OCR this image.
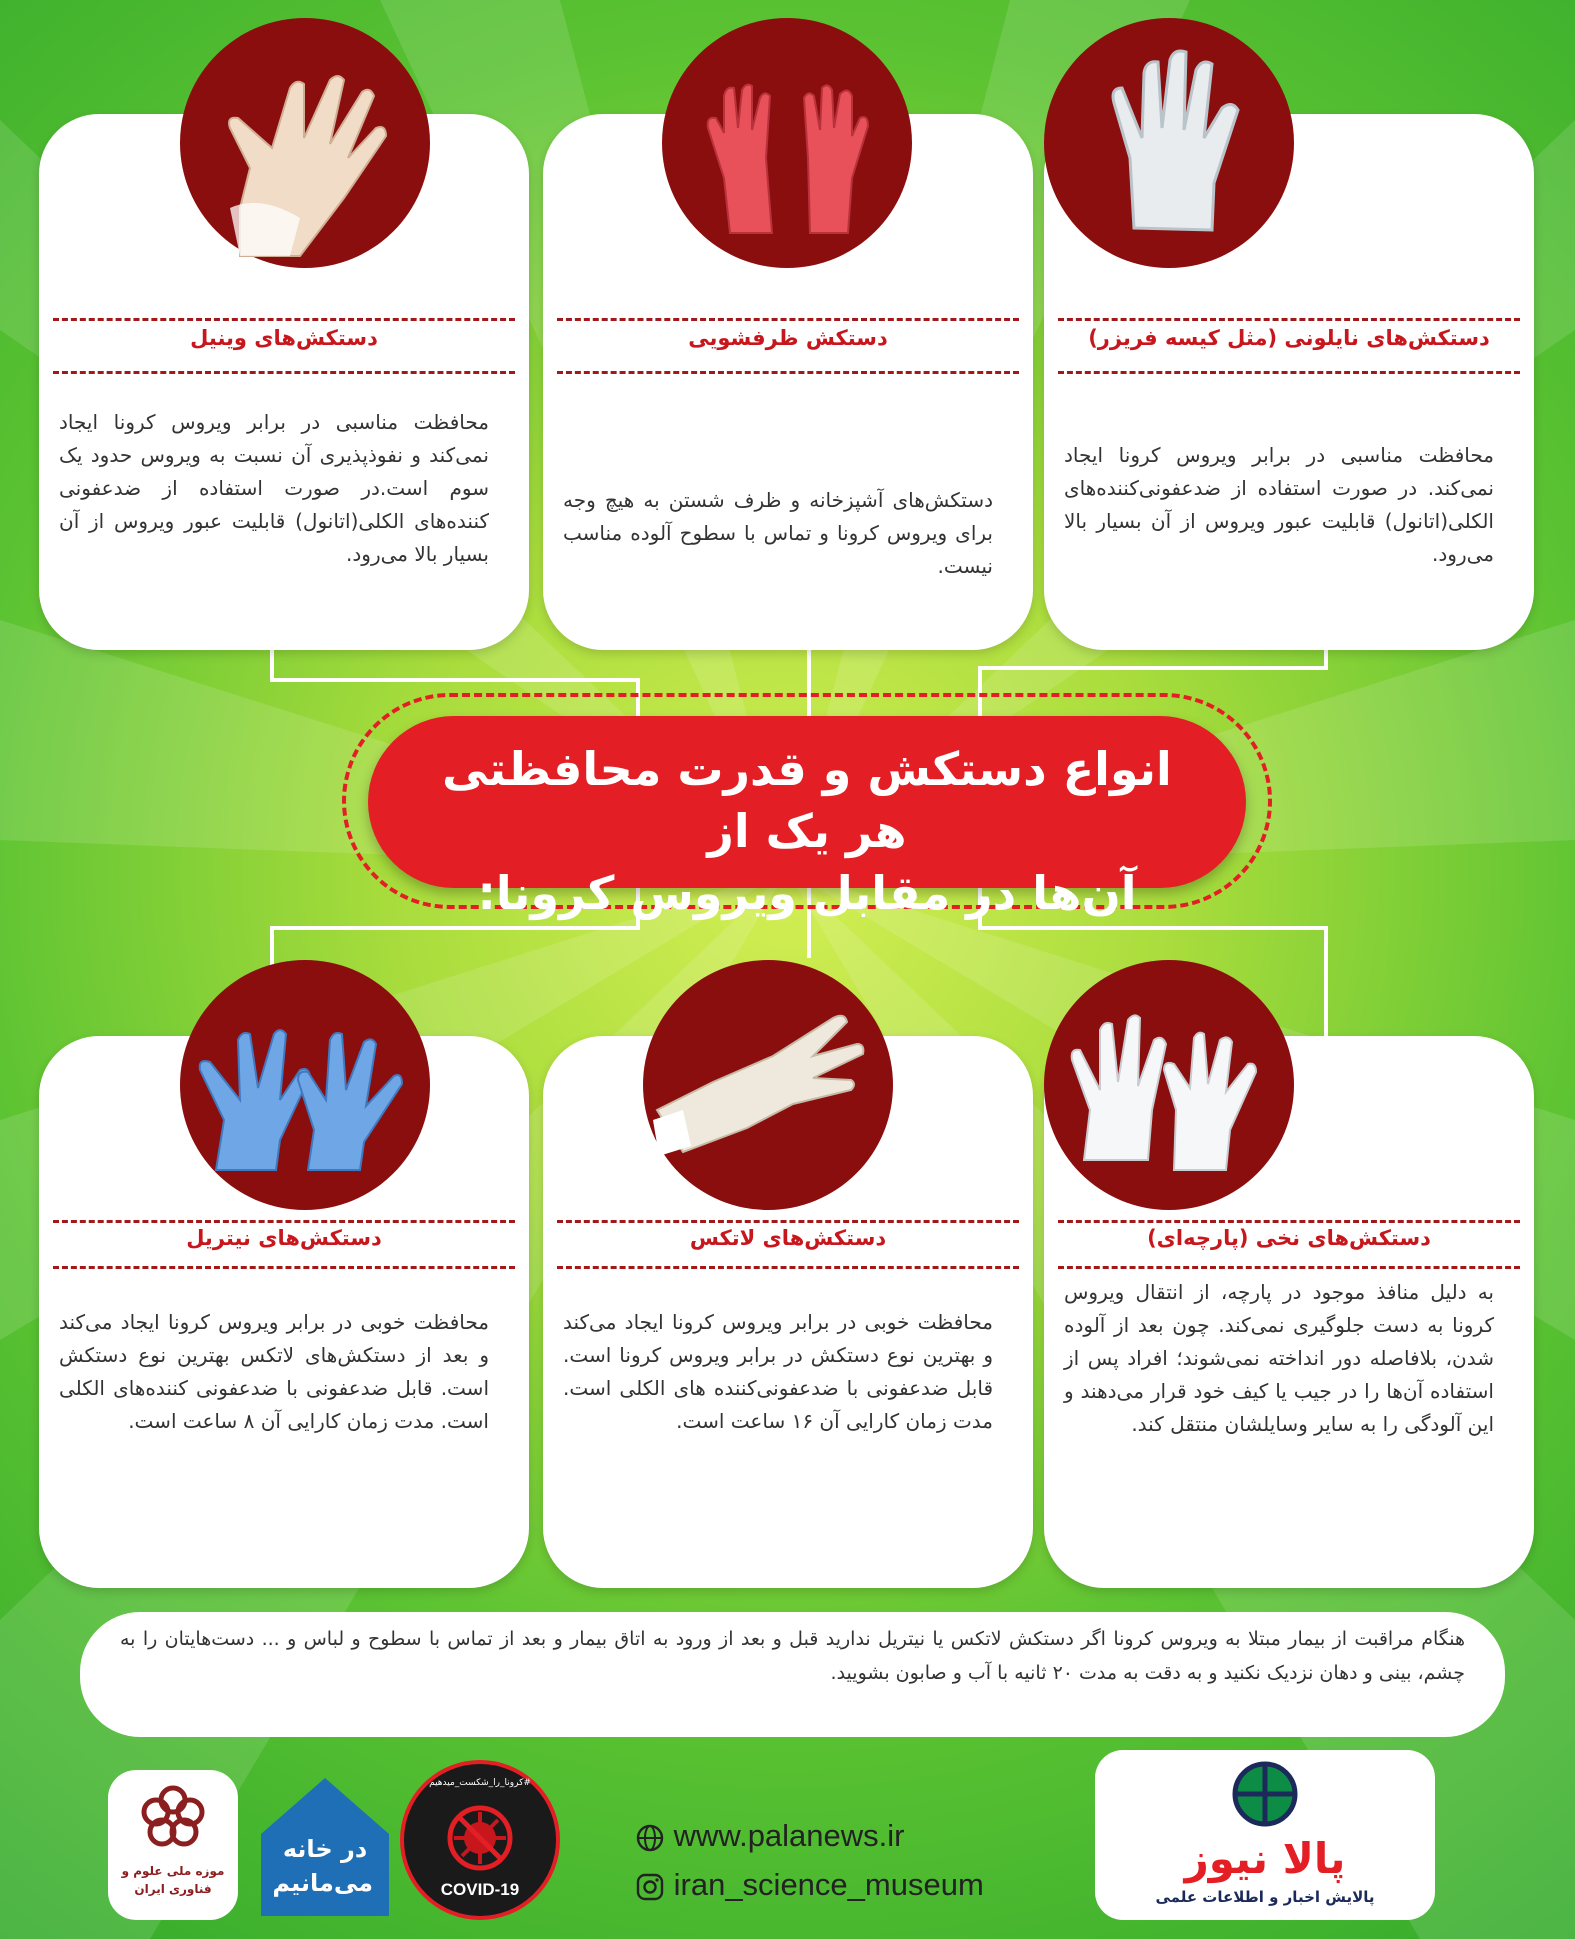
دستکش‌های نایلونی (مثل کیسه فریزر)
محافظت مناسبی در برابر ویروس کرونا ایجاد نمی‌کند. در صورت استفاده از ضدعفونی‌کننده‌های الکلی(اتانول) قابلیت عبور ویروس از آن بسیار بالا می‌رود.
دستکش ظرفشویی
دستکش‌های آشپزخانه و ظرف شستن به هیچ وجه برای ویروس کرونا و تماس با سطوح آلوده مناسب نیست.
دستکش‌های وینیل
محافظت مناسبی در برابر ویروس کرونا ایجاد نمی‌کند و نفوذپذیری آن نسبت به ویروس حدود یک سوم است.در صورت استفاده از ضدعفونی کننده‌های الکلی(اتانول) قابلیت عبور ویروس از آن بسیار بالا می‌رود.
انواع دستکش و قدرت محافظتی هر یک از
آن‌ها در مقابل ویروس کرونا:
دستکش‌های نخی (پارچه‌ای)
به دلیل منافذ موجود در پارچه، از انتقال ویروس کرونا به دست جلوگیری نمی‌کند. چون بعد از آلوده شدن، بلافاصله دور انداخته نمی‌شوند؛ افراد پس از استفاده آن‌ها را در جیب یا کیف خود قرار می‌دهند و این آلودگی را به سایر وسایلشان منتقل کند.
دستکش‌های لاتکس
محافظت خوبی در برابر ویروس کرونا ایجاد می‌کند و بهترین نوع دستکش در برابر ویروس کرونا است. قابل ضدعفونی با ضدعفونی‌کننده های الکلی است. مدت زمان کارایی آن ۱۶ ساعت است.
دستکش‌های نیتریل
محافظت خوبی در برابر ویروس کرونا ایجاد می‌کند و بعد از دستکش‌های لاتکس بهترین نوع دستکش است. قابل ضدعفونی با ضدعفونی کننده‌های الکلی است. مدت زمان کارایی آن ۸ ساعت است.
هنگام مراقبت از بیمار مبتلا به ویروس کرونا اگر دستکش لاتکس یا نیتریل ندارید قبل و بعد از ورود به اتاق بیمار و بعد از تماس با سطوح و لباس و ... دست‌هایتان را به چشم، بینی و دهان نزدیک نکنید و به دقت به مدت ۲۰ ثانیه با آب و صابون بشویید.
پالا نیوز
پالایش اخبار و اطلاعات علمی
www.palanews.ir
iran_science_museum
#کرونا_را_شکست_میدهیم
COVID-19
در خانه می‌مانیم
موزه ملی علوم و فناوری ایران
